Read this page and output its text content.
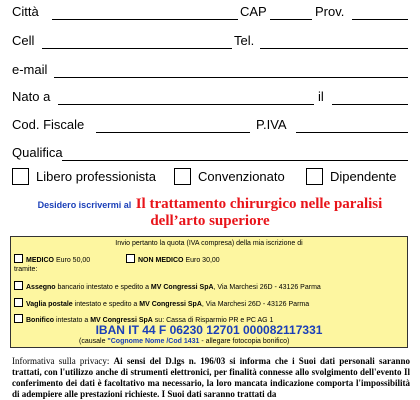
Città	CAP	Prov.
Cell	Tel.
e-mail
Nato a	il
Cod. Fiscale	P.IVA
Qualifica
Libero professionista	Convenzionato	Dipendente
Desidero iscrivermi al Il trattamento chirurgico nelle paralisi
dell’arto superiore
Invio pertanto la quota (IVA compresa) della mia iscrizione di
MEDICO Euro 50,00	NON MEDICO Euro 30,00
tramite:
Assegno bancario intestato e spedito a MV Congressi SpA, Via Marchesi 26D - 43126 Parma
Vaglia postale intestato e spedito a MV Congressi SpA, Via Marchesi 26D - 43126 Parma
Bonifico intestato a MV Congressi SpA su: Cassa di Risparmio PR e PC AG 1
IBAN IT 44 F 06230 12701 000082117331
(causale "Cognome Nome /Cod 1431 - allegare fotocopia bonifico)
Informativa sulla privacy: Ai sensi del D.lgs n. 196/03 si informa che i Suoi dati personali saranno trattati, con l'utilizzo anche di strumenti elettronici, per finalità connesse allo svolgimento dell'evento Il conferimento dei dati è facoltativo ma necessario, la loro mancata indicazione comporta l'impossibilità di adempiere alle prestazioni richieste. I Suoi dati saranno trattati da
